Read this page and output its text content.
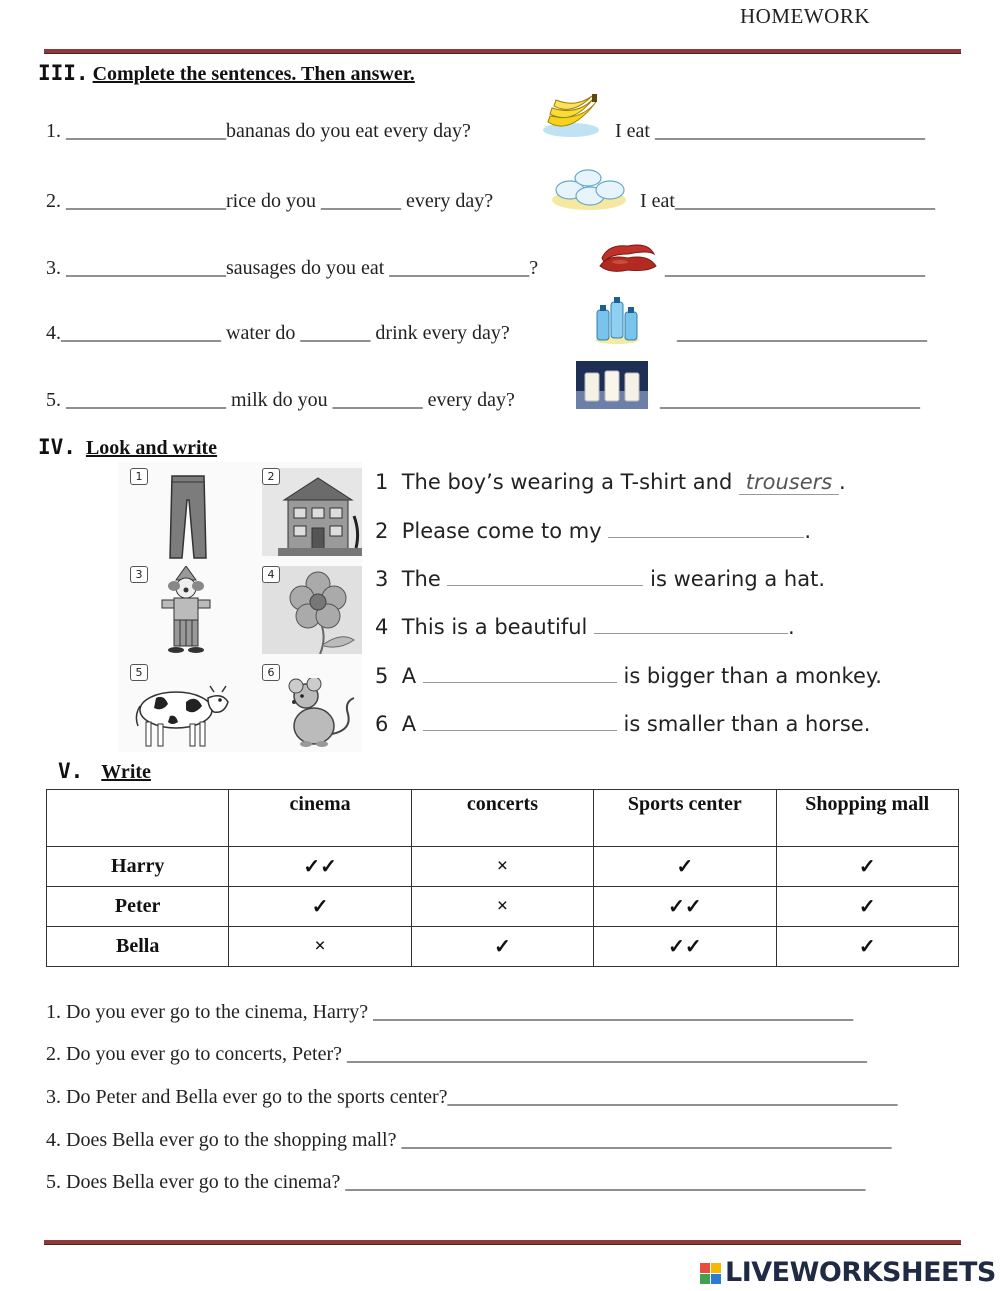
HOMEWORK
III. Complete the sentences. Then answer.
1. ________________bananas do you eat every day?	I eat ___________________________
2. ________________rice do you ________ every day?	I eat__________________________
3. ________________sausages do you eat ______________?	__________________________
4.________________ water do _______ drink every day?	_________________________
5. ________________ milk do you _________ every day?	__________________________
IV. Look and write
1	2
3	4
5	6
1 The boy’s wearing a T-shirt and trousers .
2 Please come to my	.
3 The	is wearing a hat.
4 This is a beautiful	.
5 A	is bigger than a monkey.
6 A	is smaller than a horse.
V. Write
	cinema	concerts	Sports center	Shopping mall
Harry	✓✓	×	✓	✓
Peter	✓	×	✓✓	✓
Bella	×	✓	✓✓	✓
1. Do you ever go to the cinema, Harry? ________________________________________________
2. Do you ever go to concerts, Peter? ____________________________________________________
3. Do Peter and Bella ever go to the sports center?_____________________________________________
4. Does Bella ever go to the shopping mall? _________________________________________________
5. Does Bella ever go to the cinema? ____________________________________________________
LIVEWORKSHEETS
